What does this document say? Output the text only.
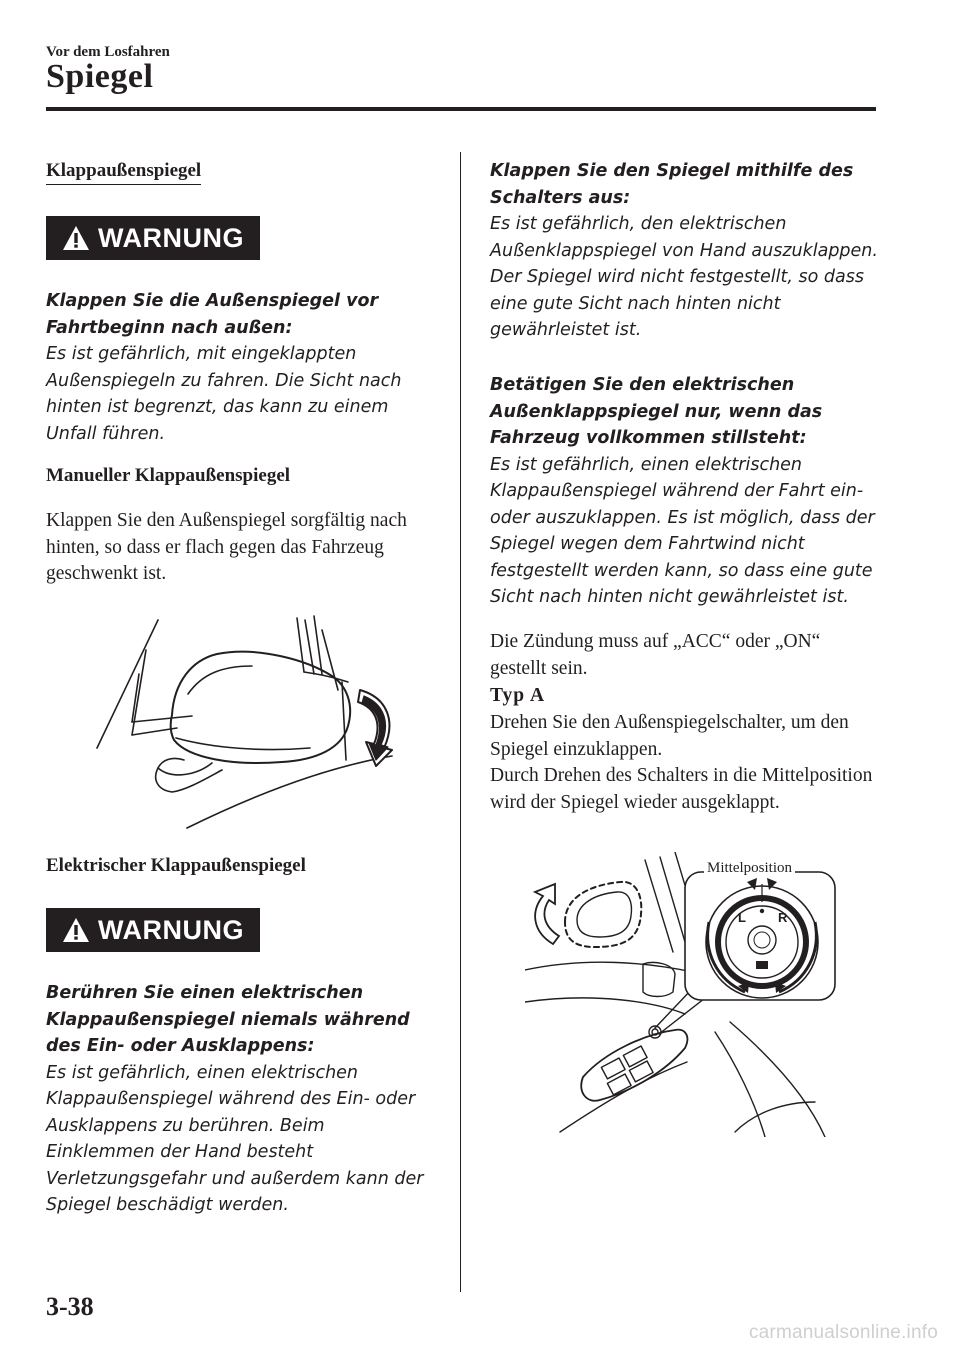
Vor dem Losfahren
Spiegel
Klappaußenspiegel
WARNUNG
Klappen Sie die Außenspiegel vor Fahrtbeginn nach außen:
Es ist gefährlich, mit eingeklappten Außenspiegeln zu fahren. Die Sicht nach hinten ist begrenzt, das kann zu einem Unfall führen.
Manueller Klappaußenspiegel
Klappen Sie den Außenspiegel sorgfältig nach hinten, so dass er flach gegen das Fahrzeug geschwenkt ist.
Elektrischer Klappaußenspiegel
WARNUNG
Berühren Sie einen elektrischen Klappaußenspiegel niemals während des Ein- oder Ausklappens:
Es ist gefährlich, einen elektrischen Klappaußenspiegel während des Ein- oder Ausklappens zu berühren. Beim Einklemmen der Hand besteht Verletzungsgefahr und außerdem kann der Spiegel beschädigt werden.
Klappen Sie den Spiegel mithilfe des Schalters aus:
Es ist gefährlich, den elektrischen Außenklappspiegel von Hand auszuklappen. Der Spiegel wird nicht festgestellt, so dass eine gute Sicht nach hinten nicht gewährleistet ist.
Betätigen Sie den elektrischen Außenklappspiegel nur, wenn das Fahrzeug vollkommen stillsteht:
Es ist gefährlich, einen elektrischen Klappaußenspiegel während der Fahrt ein- oder auszuklappen. Es ist möglich, dass der Spiegel wegen dem Fahrtwind nicht festgestellt werden kann, so dass eine gute Sicht nach hinten nicht gewährleistet ist.
Die Zündung muss auf „ACC“ oder „ON“ gestellt sein.
Typ A
Drehen Sie den Außenspiegelschalter, um den Spiegel einzuklappen.
Durch Drehen des Schalters in die Mittelposition wird der Spiegel wieder ausgeklappt.
L R
Mittelposition
3-38
carmanualsonline.info
